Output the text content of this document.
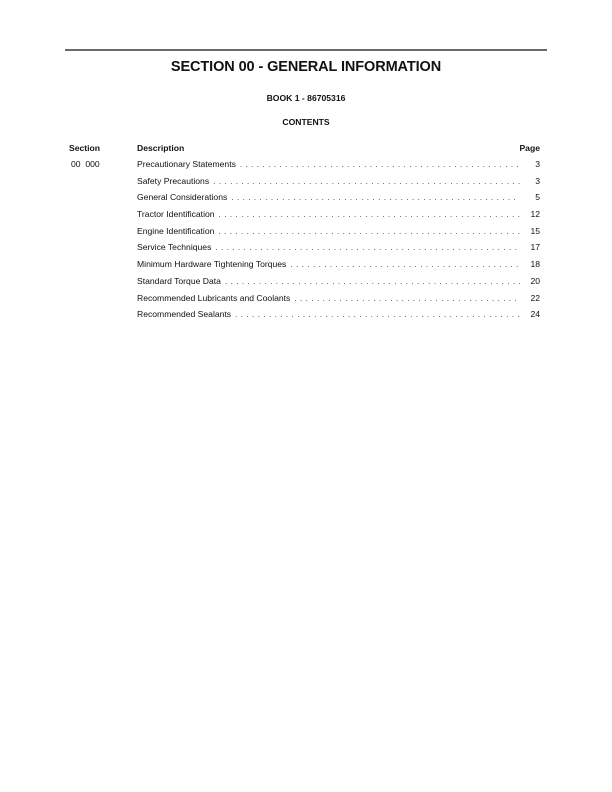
SECTION 00 - GENERAL INFORMATION
BOOK 1 - 86705316
CONTENTS
Section	Description	Page
00  000	Precautionary Statements . . .	3
Safety Precautions . . .	3
General Considerations . . .	5
Tractor Identification . . .	12
Engine Identification . . .	15
Service Techniques . . .	17
Minimum Hardware Tightening Torques . . .	18
Standard Torque Data . . .	20
Recommended Lubricants and Coolants . . .	22
Recommended Sealants . . .	24
